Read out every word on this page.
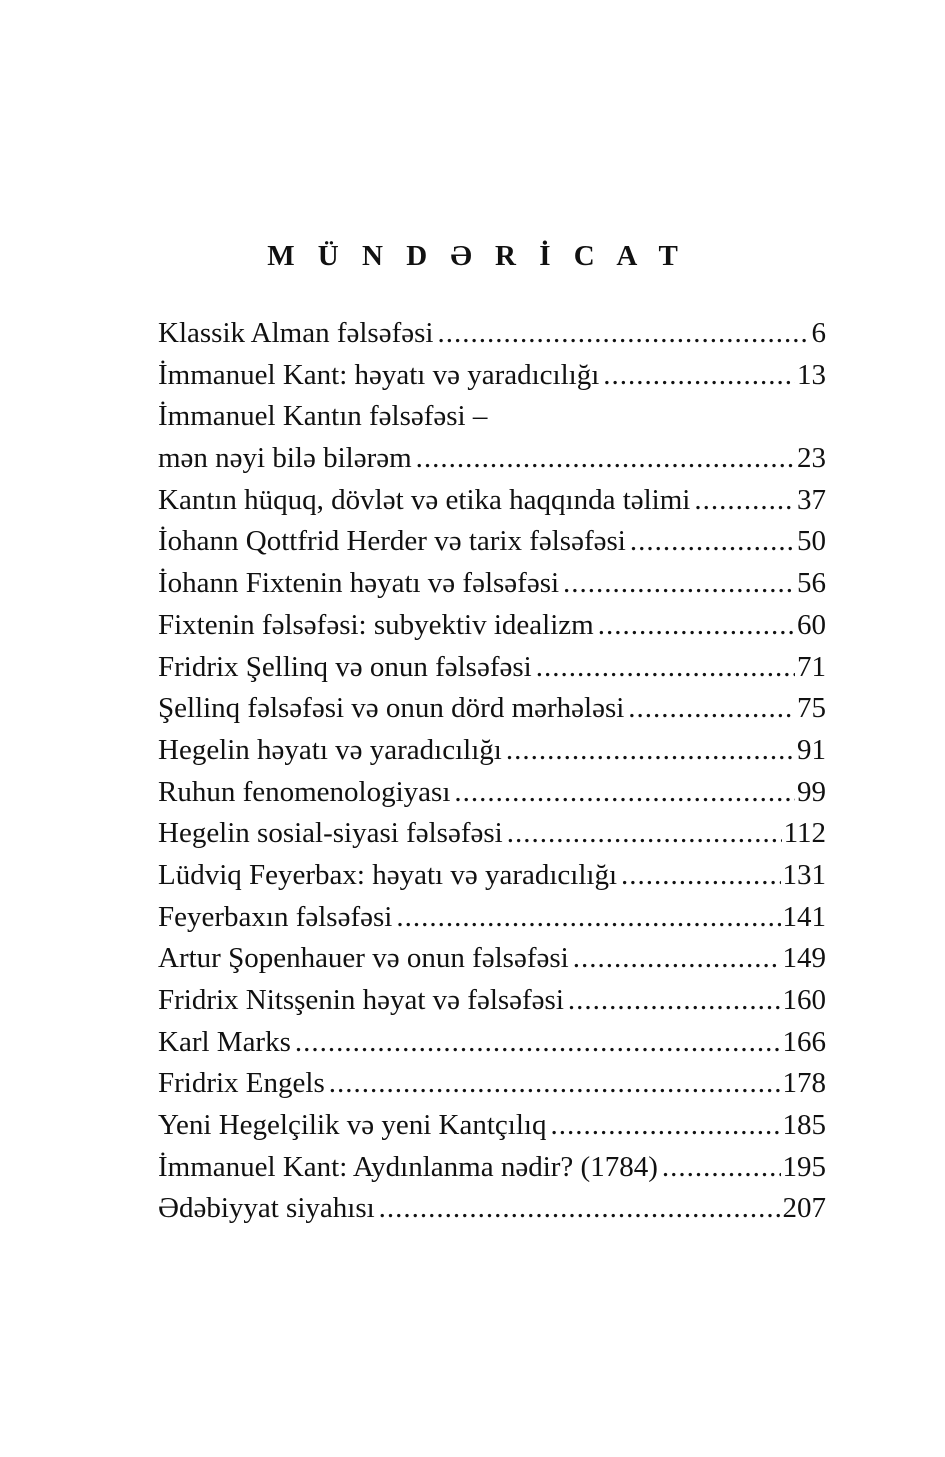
M Ü N D Ə R İ C A T
Klassik Alman fəlsəfəsi .....	6
İmmanuel Kant: həyatı və yaradıcılığı .....	13
İmmanuel Kantın fəlsəfəsi –
mən nəyi bilə bilərəm .....	23
Kantın hüquq, dövlət və etika haqqında təlimi .....	37
İohann Qottfrid Herder və tarix fəlsəfəsi .....	50
İohann Fixtenin həyatı və fəlsəfəsi .....	56
Fixtenin fəlsəfəsi: subyektiv idealizm .....	60
Fridrix Şellinq və onun fəlsəfəsi .....	71
Şellinq fəlsəfəsi və onun dörd mərhələsi .....	75
Hegelin həyatı və yaradıcılığı .....	91
Ruhun fenomenologiyası .....	99
Hegelin sosial-siyasi fəlsəfəsi .....	112
Lüdviq Feyerbax: həyatı və yaradıcılığı .....	131
Feyerbaxın fəlsəfəsi .....	141
Artur Şopenhauer və onun fəlsəfəsi .....	149
Fridrix Nitsşenin həyat və fəlsəfəsi .....	160
Karl Marks .....	166
Fridrix Engels .....	178
Yeni Hegelçilik və yeni Kantçılıq .....	185
İmmanuel Kant: Aydınlanma nədir? (1784) .....	195
Ədəbiyyat siyahısı .....	207
